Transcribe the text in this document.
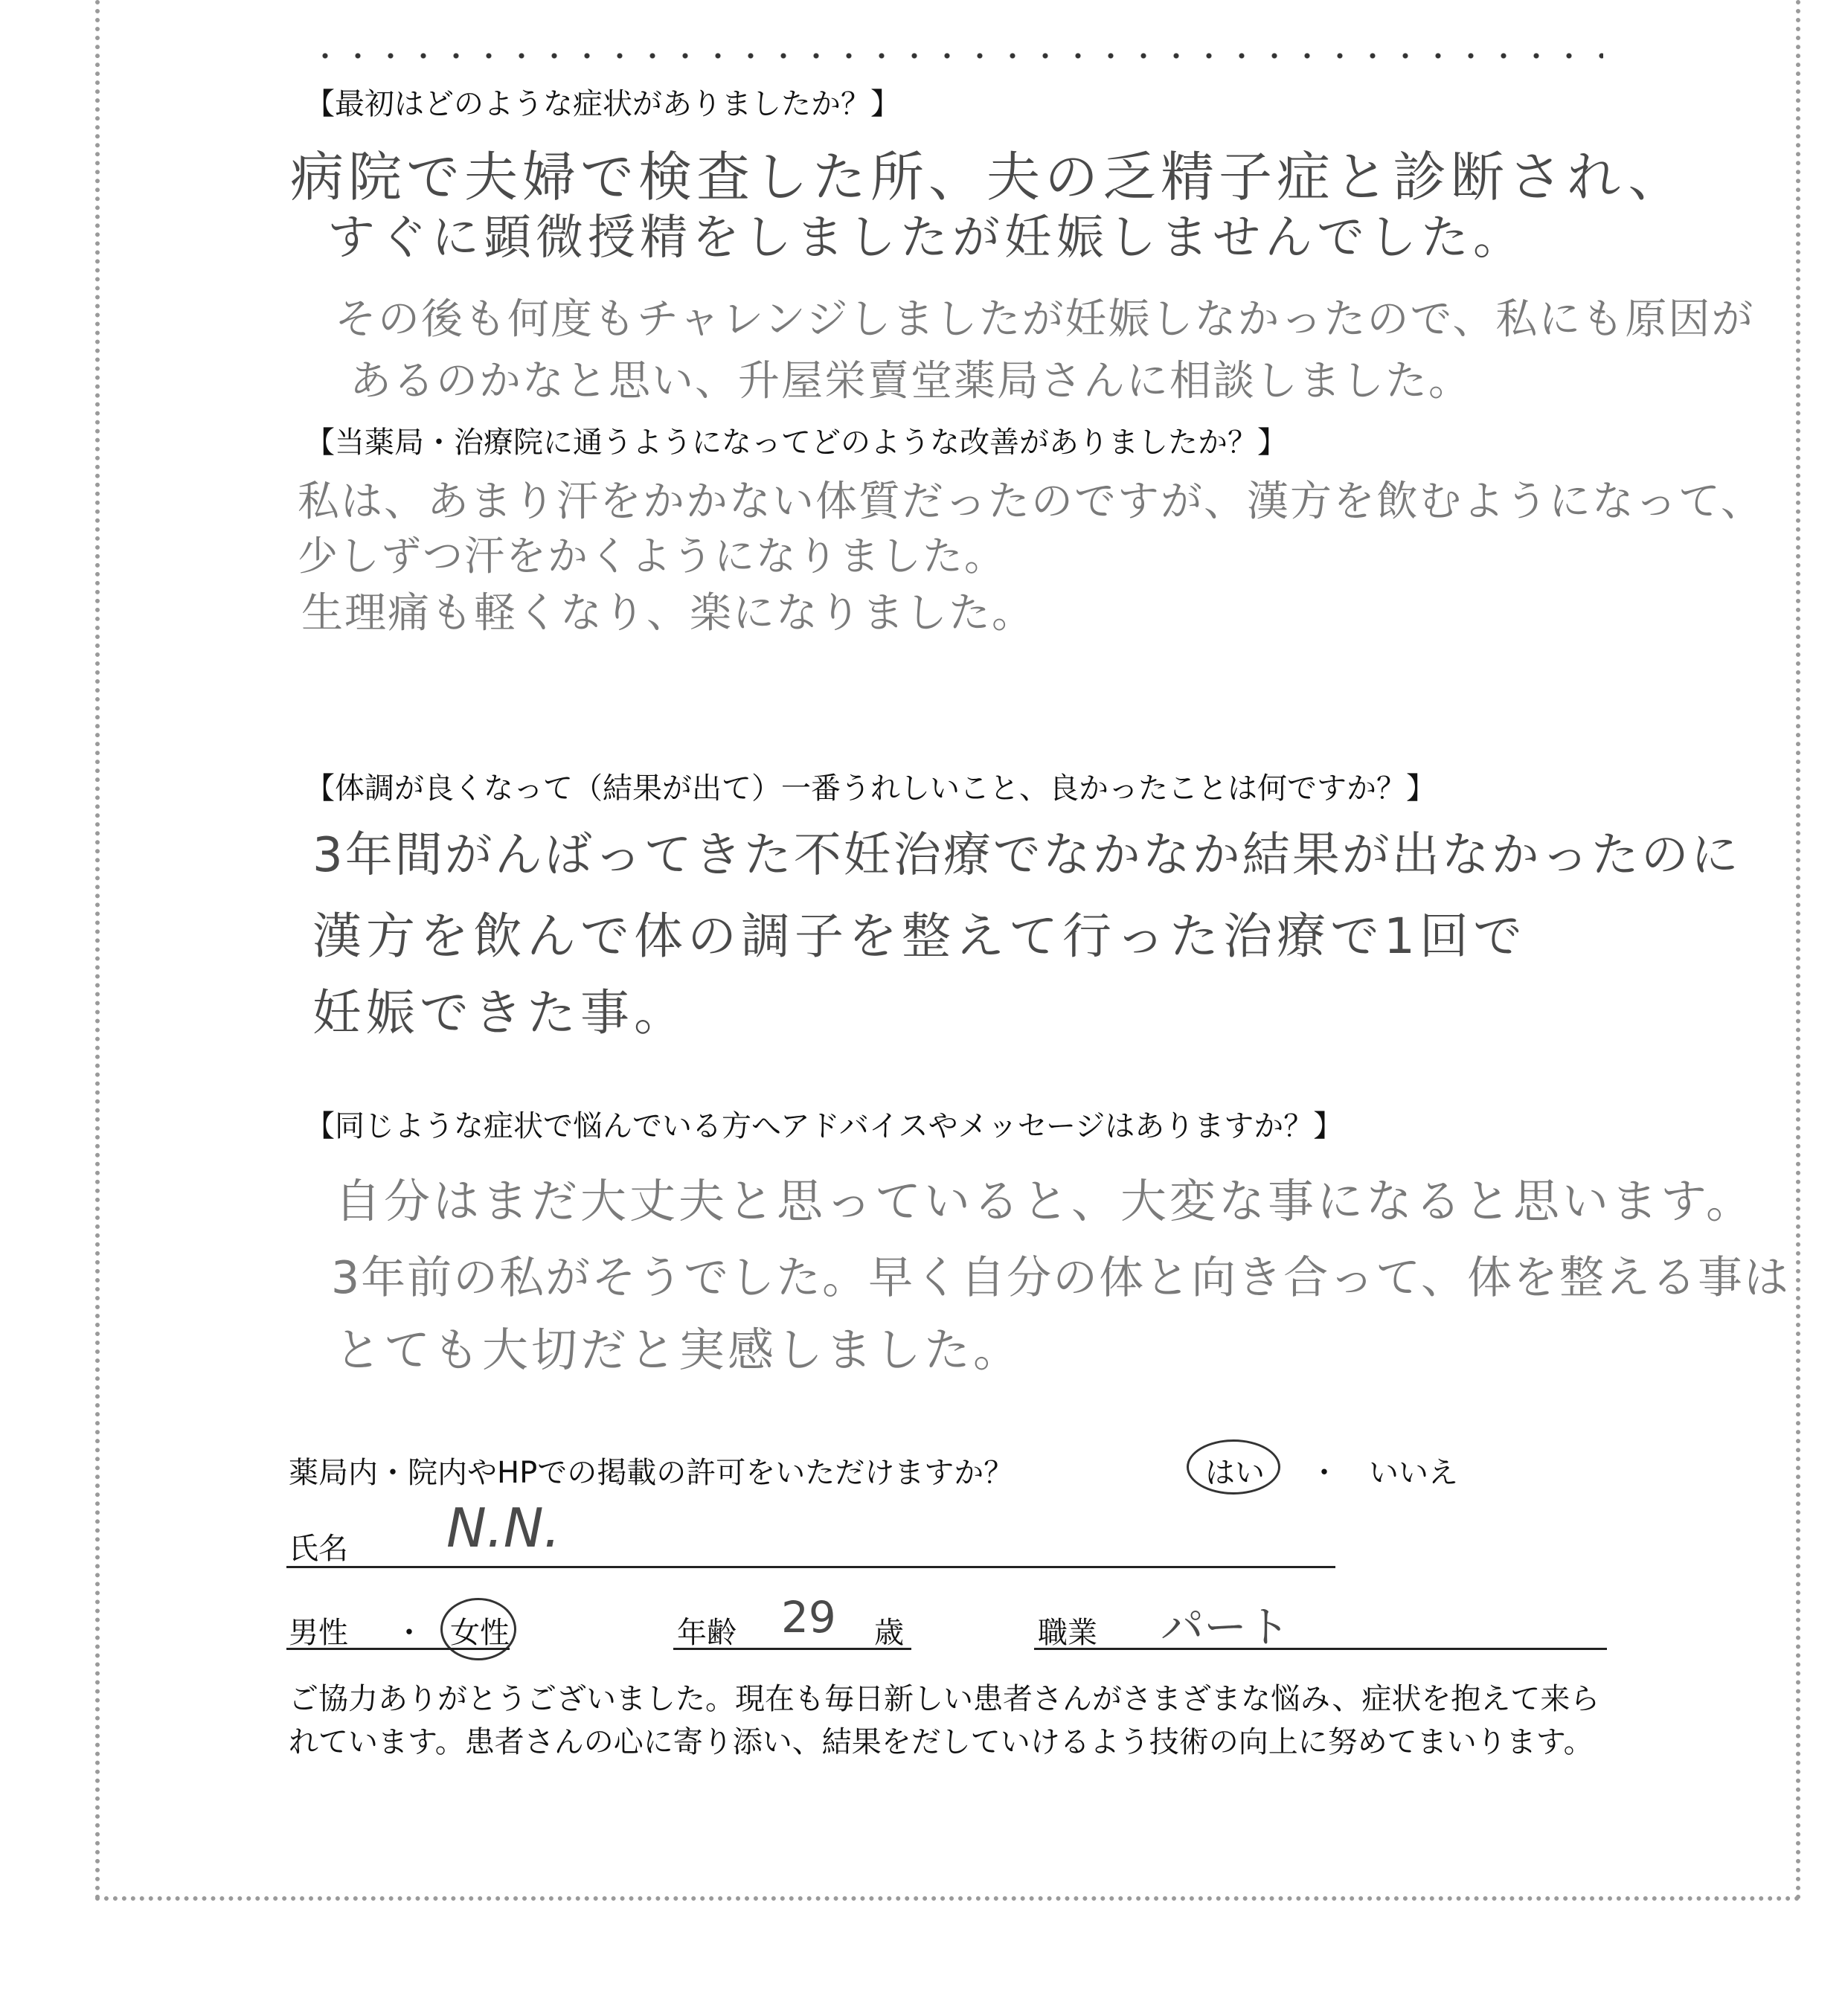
【最初はどのような症状がありましたか？】
病院で夫婦で検査した所、夫の乏精子症と診断され、
すぐに顕微授精をしましたが妊娠しませんでした。
その後も何度もチャレンジしましたが妊娠しなかったので、私にも原因が
あるのかなと思い、升屋栄賣堂薬局さんに相談しました。
【当薬局・治療院に通うようになってどのような改善がありましたか？】
私は、あまり汗をかかない体質だったのですが、漢方を飲むようになって、
少しずつ汗をかくようになりました。
生理痛も軽くなり、楽になりました。
【体調が良くなって（結果が出て）一番うれしいこと、良かったことは何ですか？】
3年間がんばってきた不妊治療でなかなか結果が出なかったのに
漢方を飲んで体の調子を整えて行った治療で1回で
妊娠できた事。
【同じような症状で悩んでいる方へアドバイスやメッセージはありますか？】
自分はまだ大丈夫と思っていると、大変な事になると思います。
3年前の私がそうでした。早く自分の体と向き合って、体を整える事は
とても大切だと実感しました。
薬局内・院内やHPでの掲載の許可をいただけますか？	はい ・ いいえ
氏名 N.N.
男性 ・ 女性	年齢 29 歳	職業 パート
ご協力ありがとうございました。現在も毎日新しい患者さんがさまざまな悩み、症状を抱えて来られています。患者さんの心に寄り添い、結果をだしていけるよう技術の向上に努めてまいります。
